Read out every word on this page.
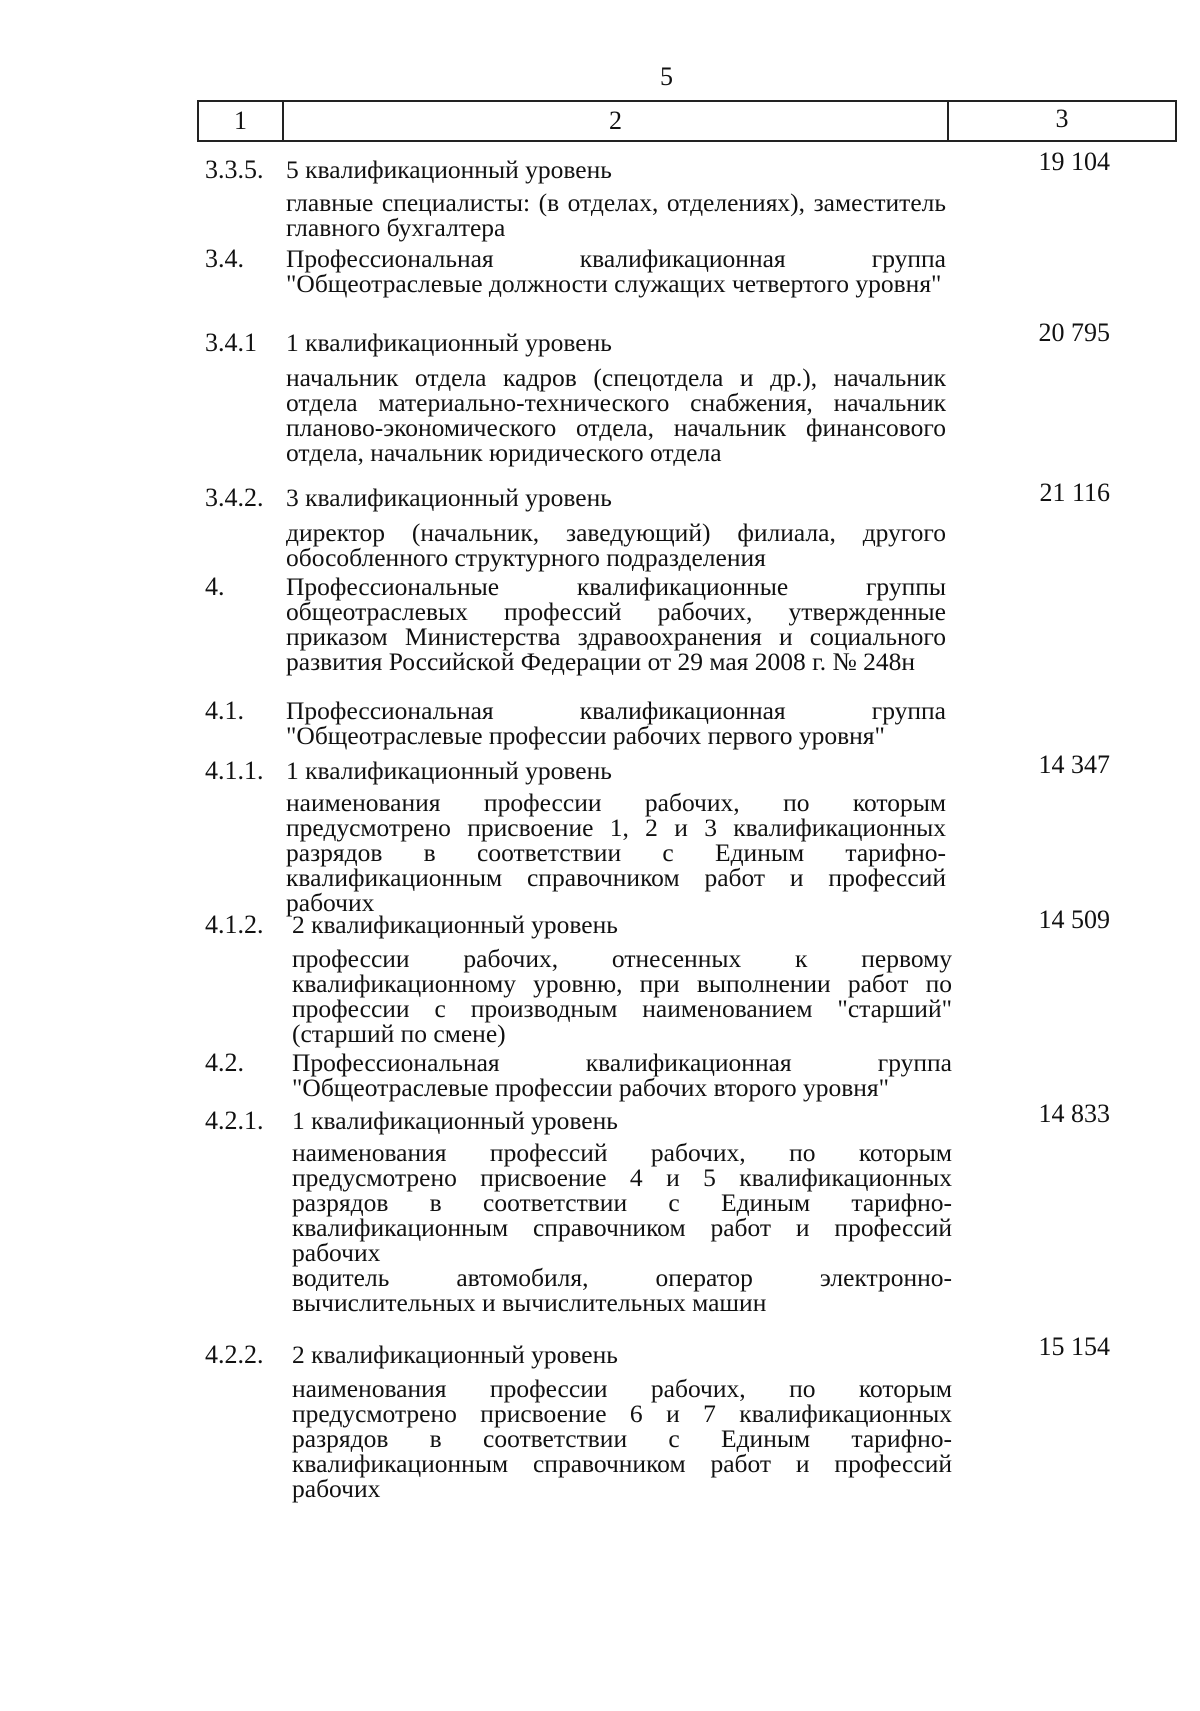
5
1	2	3
3.3.5. 5 квалификационный уровень	19 104
главные специалисты: (в отделах, отделениях), заместитель главного бухгалтера
3.4.	Профессиональная квалификационная группа "Общеотраслевые должности служащих четвертого уровня"
3.4.1	1 квалификационный уровень	20 795
начальник отдела кадров (спецотдела и др.), начальник отдела материально-технического снабжения, начальник планово-экономического отдела, начальник финансового отдела, начальник юридического отдела
3.4.2. 3 квалификационный уровень	21 116
директор (начальник, заведующий) филиала, другого обособленного структурного подразделения
4.	Профессиональные квалификационные группы общеотраслевых профессий рабочих, утвержденные приказом Министерства здравоохранения и социального развития Российской Федерации от 29 мая 2008 г. № 248н
4.1.	Профессиональная квалификационная группа "Общеотраслевые профессии рабочих первого уровня"
4.1.1. 1 квалификационный уровень	14 347
наименования профессии рабочих, по которым предусмотрено присвоение 1, 2 и 3 квалификационных разрядов в соответствии с Единым тарифно-квалификационным справочником работ и профессий рабочих
4.1.2.	2 квалификационный уровень	14 509
профессии рабочих, отнесенных к первому квалификационному уровню, при выполнении работ по профессии с производным наименованием "старший" (старший по смене)
4.2.	Профессиональная квалификационная группа "Общеотраслевые профессии рабочих второго уровня"
4.2.1.	1 квалификационный уровень	14 833
наименования профессий рабочих, по которым предусмотрено присвоение 4 и 5 квалификационных разрядов в соответствии с Единым тарифно-квалификационным справочником работ и профессий рабочих
водитель автомобиля, оператор электронно-вычислительных и вычислительных машин
4.2.2.	2 квалификационный уровень	15 154
наименования профессии рабочих, по которым предусмотрено присвоение 6 и 7 квалификационных разрядов в соответствии с Единым тарифно-квалификационным справочником работ и профессий рабочих
